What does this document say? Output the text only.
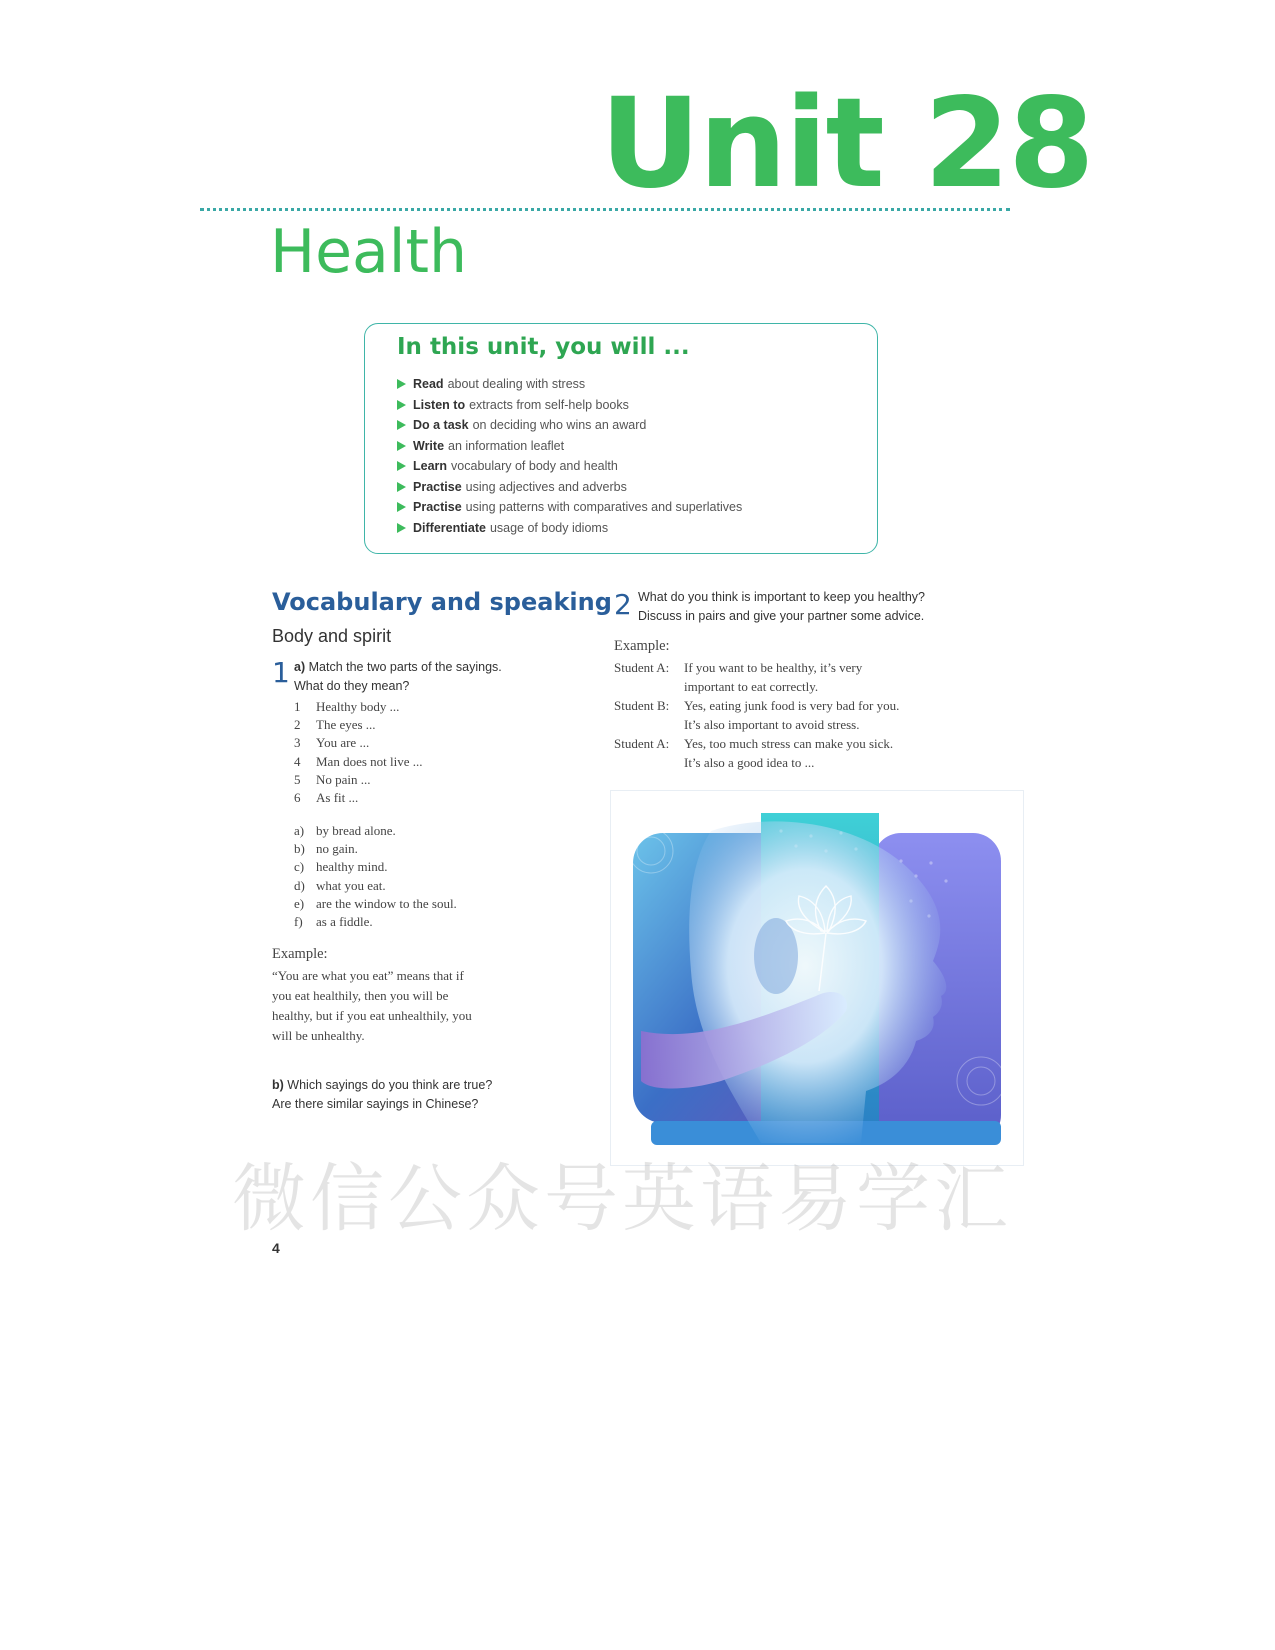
Unit 28
Health
In this unit, you will ...
Read about dealing with stress
Listen to extracts from self-help books
Do a task on deciding who wins an award
Write an information leaflet
Learn vocabulary of body and health
Practise using adjectives and adverbs
Practise using patterns with comparatives and superlatives
Differentiate usage of body idioms
Vocabulary and speaking
Body and spirit
1 a) Match the two parts of the sayings.
What do they mean?
1	Healthy body ...
2	The eyes ...
3	You are ...
4	Man does not live ...
5	No pain ...
6	As fit ...
a) by bread alone.
b) no gain.
c) healthy mind.
d) what you eat.
e) are the window to the soul.
f)	as a fiddle.
Example:
“You are what you eat” means that if
you eat healthily, then you will be
healthy, but if you eat unhealthily, you
will be unhealthy.
b) Which sayings do you think are true?
Are there similar sayings in Chinese?
2 What do you think is important to keep you healthy?
Discuss in pairs and give your partner some advice.
Example:
Student A:	If you want to be healthy, it’s very
important to eat correctly.
Student B:	Yes, eating junk food is very bad for you.
It’s also important to avoid stress.
Student A:	Yes, too much stress can make you sick.
It’s also a good idea to ...
微信公众号英语易学汇
4
